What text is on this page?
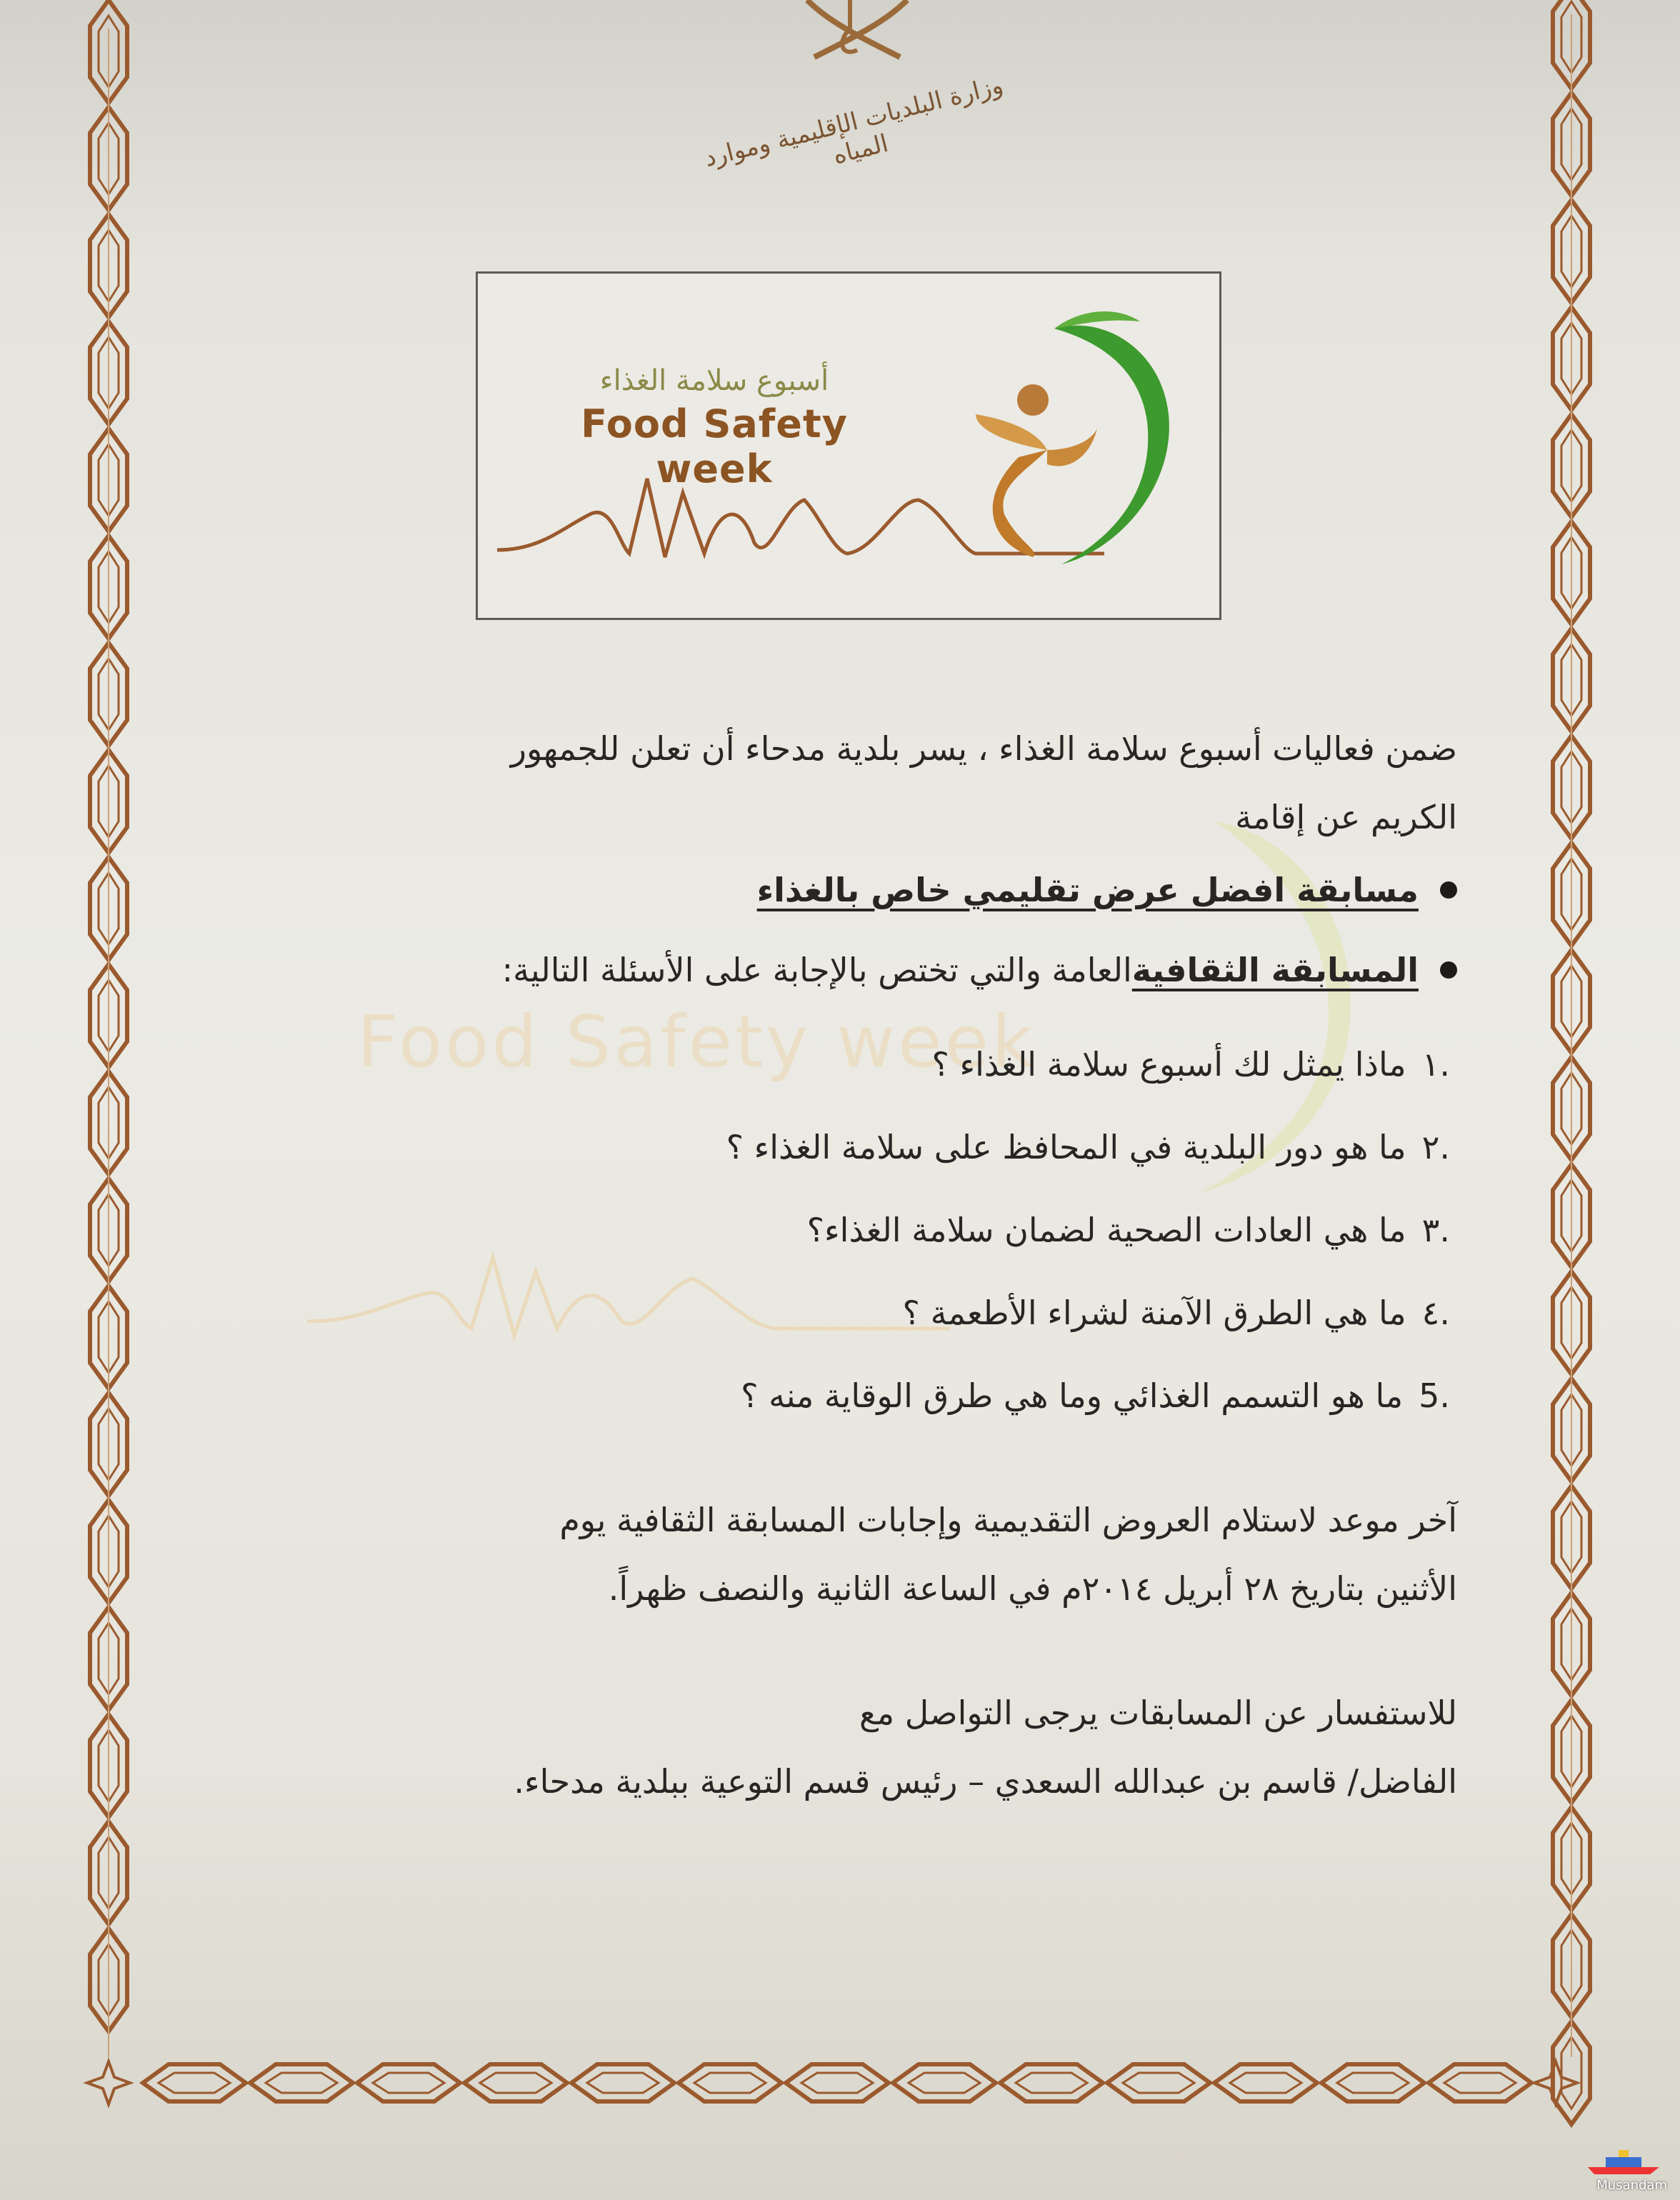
وزارة البلديات الإقليمية وموارد المياه
أسبوع سلامة الغذاء
Food Safety week
Food Safety week
ضمن فعاليات أسبوع سلامة الغذاء ، يسر بلدية مدحاء أن تعلن للجمهور
الكريم عن إقامة
مسابقة افضل عرض تقليمي خاص بالغذاء
المسابقة الثقافية
العامة والتي تختص بالإجابة على الأسئلة التالية:
.١ماذا يمثل لك أسبوع سلامة الغذاء ؟
.٢ما هو دور البلدية في المحافظ على سلامة الغذاء ؟
.٣ما هي العادات الصحية لضمان سلامة الغذاء؟
.٤ما هي الطرق الآمنة لشراء الأطعمة ؟
.5ما هو التسمم الغذائي وما هي طرق الوقاية منه ؟
آخر موعد لاستلام العروض التقديمية وإجابات المسابقة الثقافية يوم
الأثنين بتاريخ ٢٨ أبريل ٢٠١٤م في الساعة الثانية والنصف ظهراً.
للاستفسار عن المسابقات يرجى التواصل مع
الفاضل/ قاسم بن عبدالله السعدي – رئيس قسم التوعية ببلدية مدحاء.
Musandam
